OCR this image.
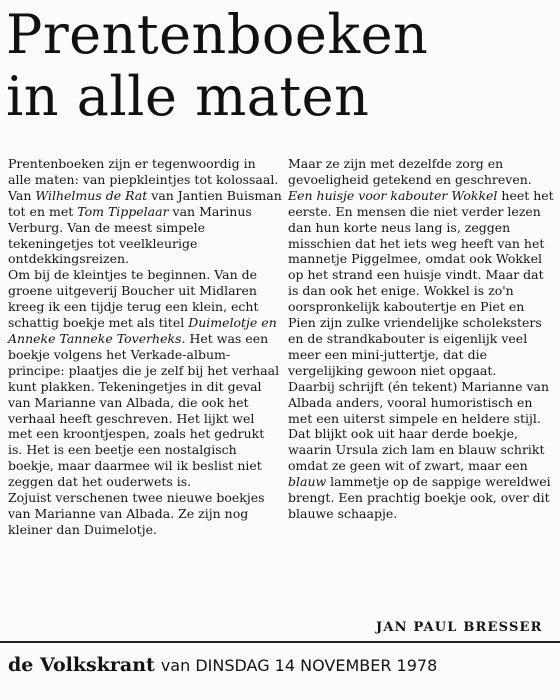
Prentenboeken
in alle maten

Prentenboeken zijn er tegenwoordig in alle maten: van piepkleintjes tot kolossaal. Van Wilhelmus de Rat van Jantien Buisman tot en met Tom Tippelaar van Marinus Verburg. Van de meest simpele tekeningetjes tot veelkleurige ontdekkingsreizen.

Om bij de kleintjes te beginnen. Van de groene uitgeverij Boucher uit Midlaren kreeg ik een tijdje terug een klein, echt schattig boekje met als titel Duimelotje en Anneke Tanneke Toverheks. Het was een boekje volgens het Verkade-album-principe: plaatjes die je zelf bij het verhaal kunt plakken. Tekeningetjes in dit geval van Marianne van Albada, die ook het verhaal heeft geschreven. Het lijkt wel met een kroontjespen, zoals het gedrukt is. Het is een beetje een nostalgisch boekje, maar daarmee wil ik beslist niet zeggen dat het ouderwets is.

Zojuist verschenen twee nieuwe boekjes van Marianne van Albada. Ze zijn nog kleiner dan Duimelotje.

Maar ze zijn met dezelfde zorg en gevoeligheid getekend en geschreven. Een huisje voor kabouter Wokkel heet het eerste. En mensen die niet verder lezen dan hun korte neus lang is, zeggen misschien dat het iets weg heeft van het mannetje Piggelmee, omdat ook Wokkel op het strand een huisje vindt. Maar dat is dan ook het enige. Wokkel is zo'n oorspronkelijk kaboutertje en Piet en Pien zijn zulke vriendelijke scholeksters en de strandkabouter is eigenlijk veel meer een mini-juttertje, dat die vergelijking gewoon niet opgaat.

Daarbij schrijft (én tekent) Marianne van Albada anders, vooral humoristisch en met een uiterst simpele en heldere stijl.

Dat blijkt ook uit haar derde boekje, waarin Ursula zich lam en blauw schrikt omdat ze geen wit of zwart, maar een blauw lammetje op de sappige wereldwei brengt. Een prachtig boekje ook, over dit blauwe schaapje.

JAN PAUL BRESSER
de Volkskrant van DINSDAG 14 NOVEMBER 1978
